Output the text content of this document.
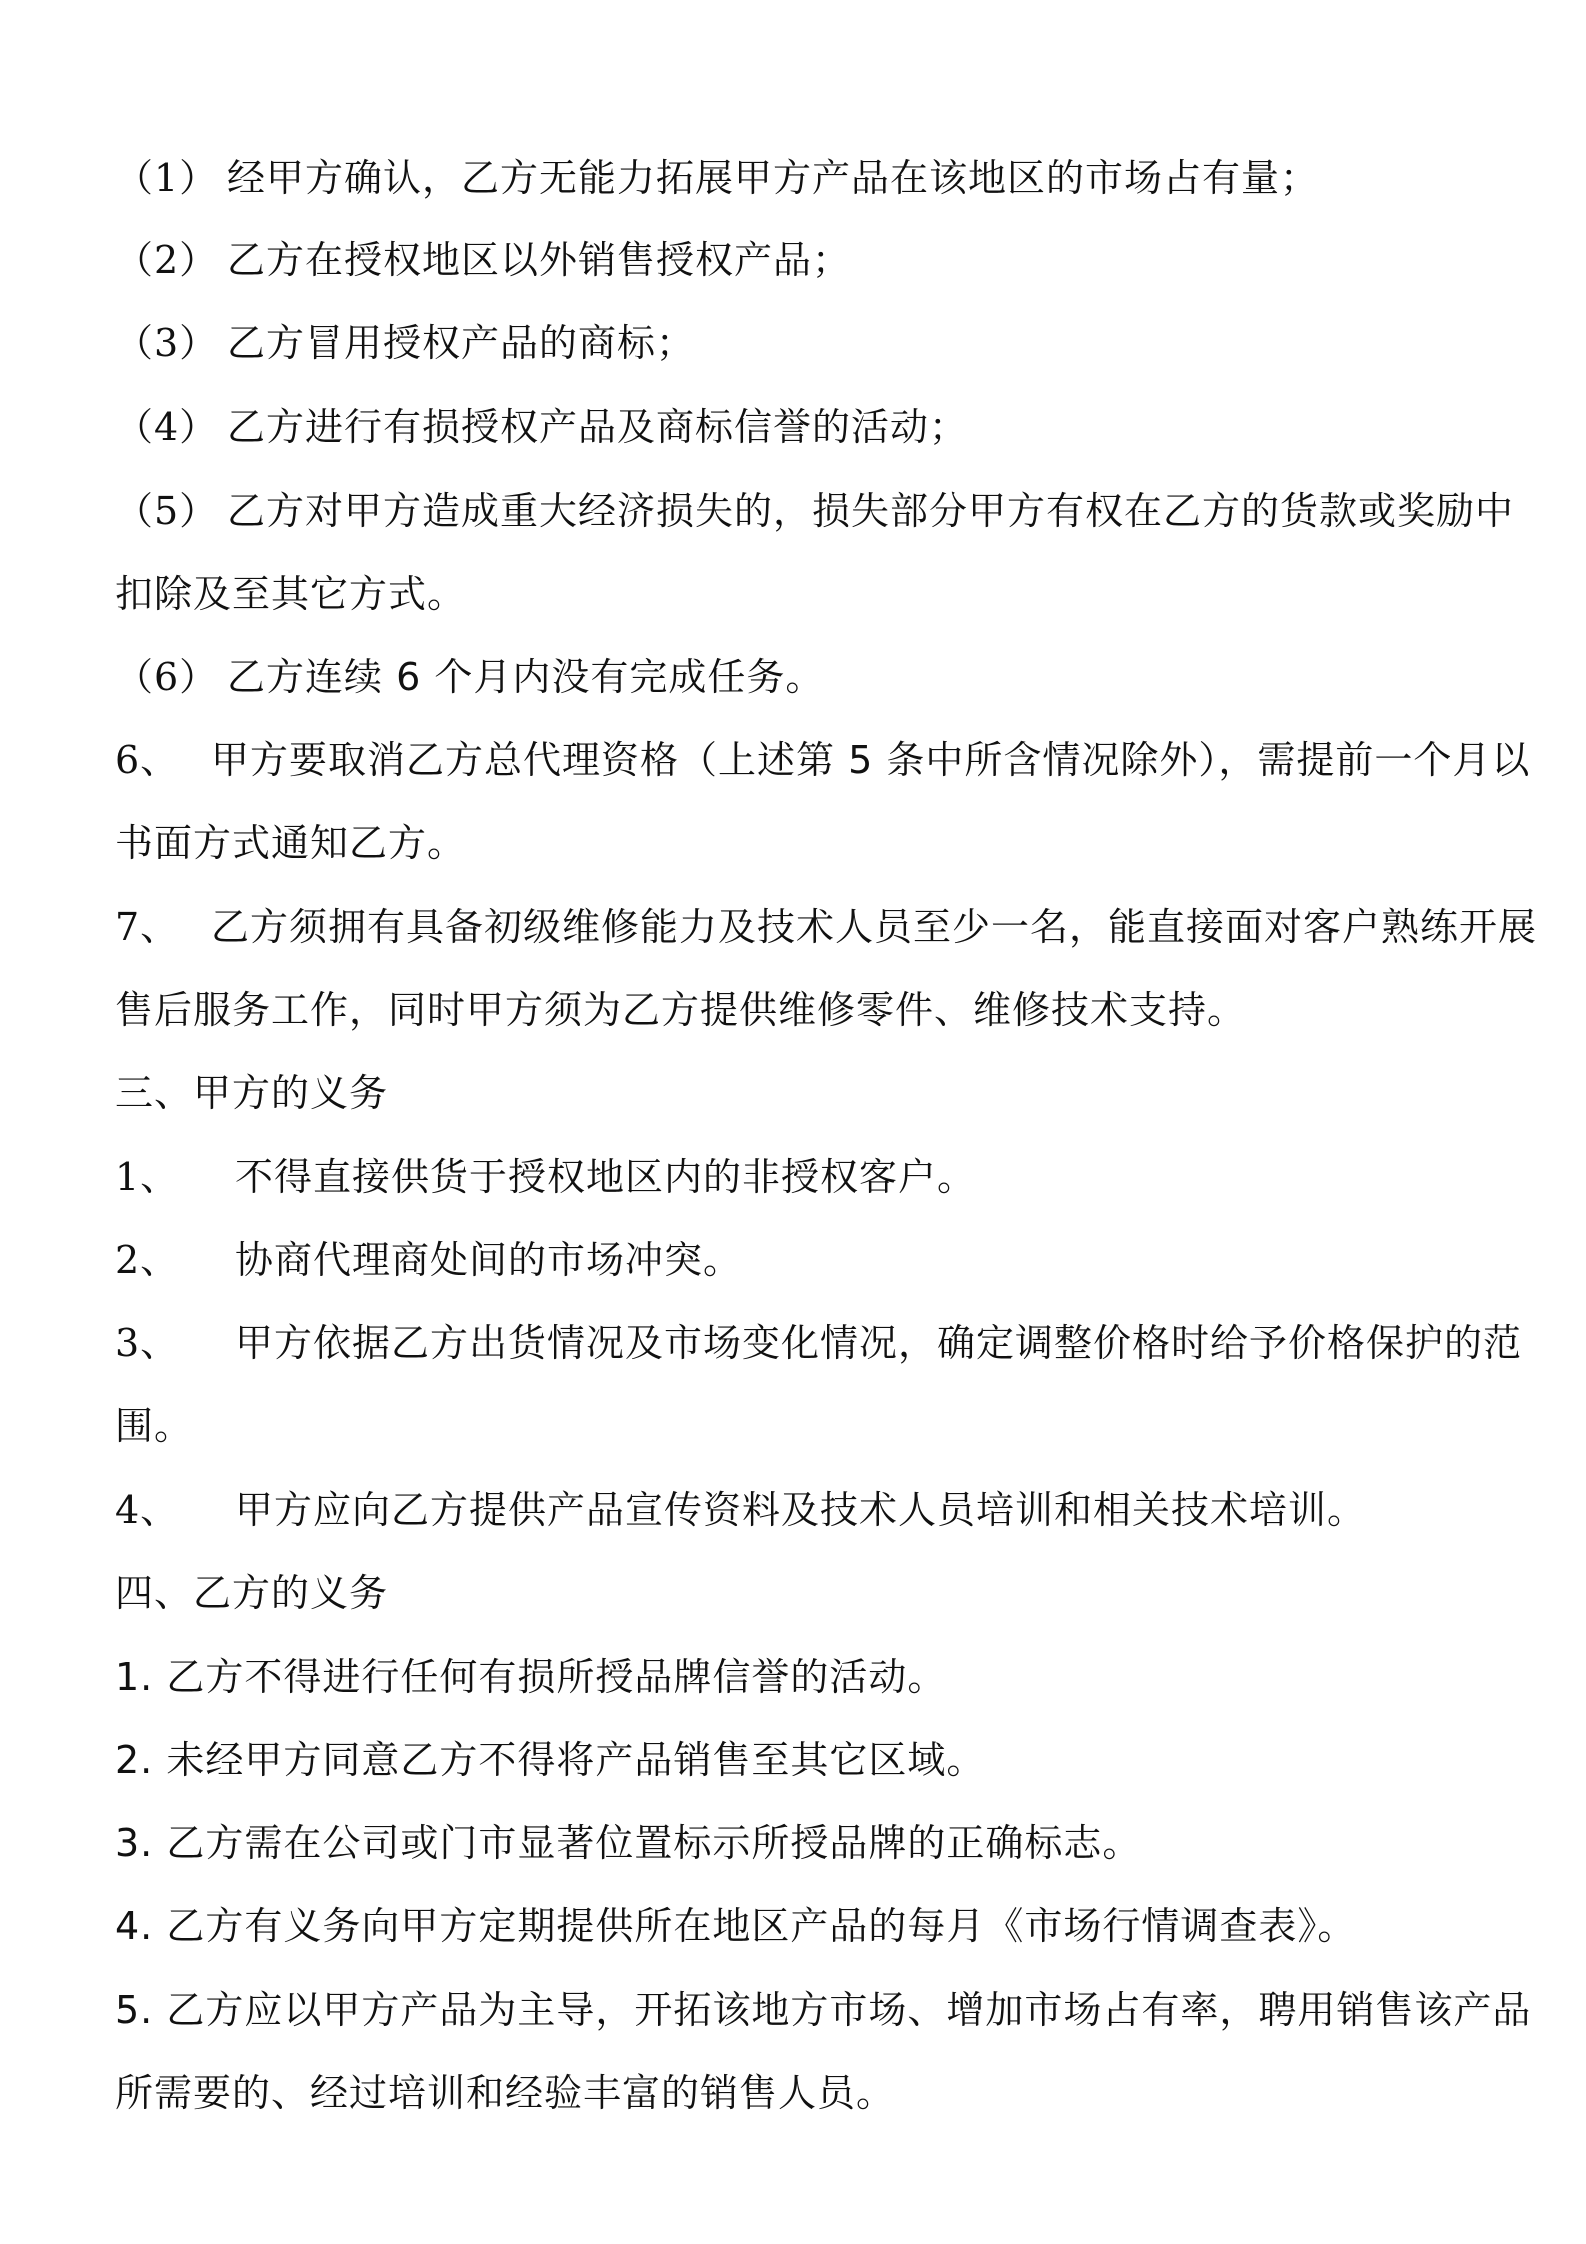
（1） 经甲方确认，乙方无能力拓展甲方产品在该地区的市场占有量；
（2） 乙方在授权地区以外销售授权产品；
（3） 乙方冒用授权产品的商标；
（4） 乙方进行有损授权产品及商标信誉的活动；
（5） 乙方对甲方造成重大经济损失的，损失部分甲方有权在乙方的货款或奖励中
扣除及至其它方式。
（6） 乙方连续 6 个月内没有完成任务。
6、 甲方要取消乙方总代理资格（上述第 5 条中所含情况除外），需提前一个月以
书面方式通知乙方。
7、 乙方须拥有具备初级维修能力及技术人员至少一名，能直接面对客户熟练开展
售后服务工作，同时甲方须为乙方提供维修零件、维修技术支持。
三、甲方的义务
1、 不得直接供货于授权地区内的非授权客户。
2、 协商代理商处间的市场冲突。
3、 甲方依据乙方出货情况及市场变化情况，确定调整价格时给予价格保护的范
围。
4、 甲方应向乙方提供产品宣传资料及技术人员培训和相关技术培训。
四、乙方的义务
1. 乙方不得进行任何有损所授品牌信誉的活动。
2. 未经甲方同意乙方不得将产品销售至其它区域。
3. 乙方需在公司或门市显著位置标示所授品牌的正确标志。
4. 乙方有义务向甲方定期提供所在地区产品的每月《市场行情调查表》。
5. 乙方应以甲方产品为主导，开拓该地方市场、增加市场占有率，聘用销售该产品
所需要的、经过培训和经验丰富的销售人员。
